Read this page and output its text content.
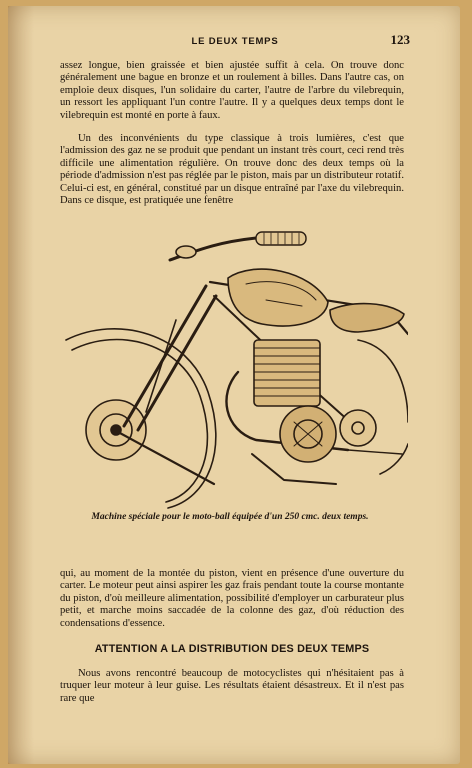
LE DEUX TEMPS	123

assez longue, bien graissée et bien ajustée suffit à cela. On trouve donc généralement une bague en bronze et un roulement à billes. Dans l'autre cas, on emploie deux disques, l'un solidaire du carter, l'autre de l'arbre du vilebrequin, un ressort les appliquant l'un contre l'autre. Il y a quelques deux temps dont le vilebrequin est monté en porte à faux.

Un des inconvénients du type classique à trois lumières, c'est que l'admission des gaz ne se produit que pendant un instant très court, ceci rend très difficile une alimentation régulière. On trouve donc des deux temps où la période d'admission n'est pas réglée par le piston, mais par un distributeur rotatif. Celui-ci est, en général, constitué par un disque entraîné par l'axe du vilebrequin. Dans ce disque, est pratiquée une fenêtre

Machine spéciale pour le moto-ball équipée d'un 250 cmc. deux temps.

qui, au moment de la montée du piston, vient en présence d'une ouverture du carter. Le moteur peut ainsi aspirer les gaz frais pendant toute la course montante du piston, d'où meilleure alimentation, possibilité d'employer un carburateur plus petit, et marche moins saccadée de la colonne des gaz, d'où réduction des condensations d'essence.

ATTENTION A LA DISTRIBUTION DES DEUX TEMPS

Nous avons rencontré beaucoup de motocyclistes qui n'hésitaient pas à truquer leur moteur à leur guise. Les résultats étaient désastreux. Et il n'est pas rare que
